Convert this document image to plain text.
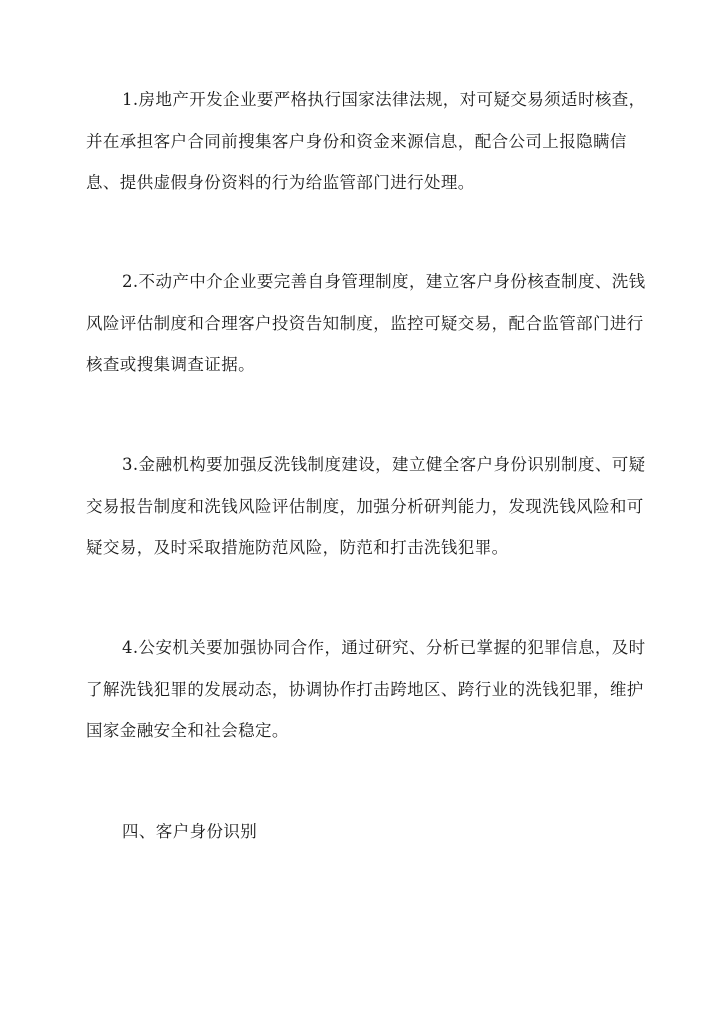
1.房地产开发企业要严格执行国家法律法规，对可疑交易须适时核查，并在承担客户合同前搜集客户身份和资金来源信息，配合公司上报隐瞒信息、提供虚假身份资料的行为给监管部门进行处理。

2.不动产中介企业要完善自身管理制度，建立客户身份核查制度、洗钱风险评估制度和合理客户投资告知制度，监控可疑交易，配合监管部门进行核查或搜集调查证据。

3.金融机构要加强反洗钱制度建设，建立健全客户身份识别制度、可疑交易报告制度和洗钱风险评估制度，加强分析研判能力，发现洗钱风险和可疑交易，及时采取措施防范风险，防范和打击洗钱犯罪。

4.公安机关要加强协同合作，通过研究、分析已掌握的犯罪信息，及时了解洗钱犯罪的发展动态，协调协作打击跨地区、跨行业的洗钱犯罪，维护国家金融安全和社会稳定。

四、客户身份识别
